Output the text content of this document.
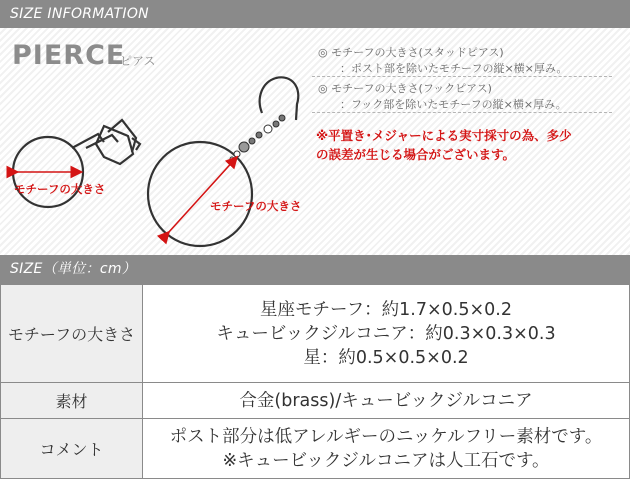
SIZE INFORMATION
PIERCE
ピアス
モチーフの大きさ
モチーフの大きさ
◎ モチーフの大きさ(スタッドピアス)
：ポスト部を除いたモチーフの縦×横×厚み。
◎ モチーフの大きさ(フックピアス)
：フック部を除いたモチーフの縦×横×厚み。
※平置き･メジャーによる実寸採寸の為、多少
の誤差が生じる場合がございます。
SIZE（単位：cm）
モチーフの大きさ	星座モチーフ：約1.7×0.5×0.2
キュービックジルコニア：約0.3×0.3×0.3
星：約0.5×0.5×0.2

素材	合金(brass)/キュービックジルコニア

コメント	ポスト部分は低アレルギーのニッケルフリー素材です。
※キュービックジルコニアは人工石です。
